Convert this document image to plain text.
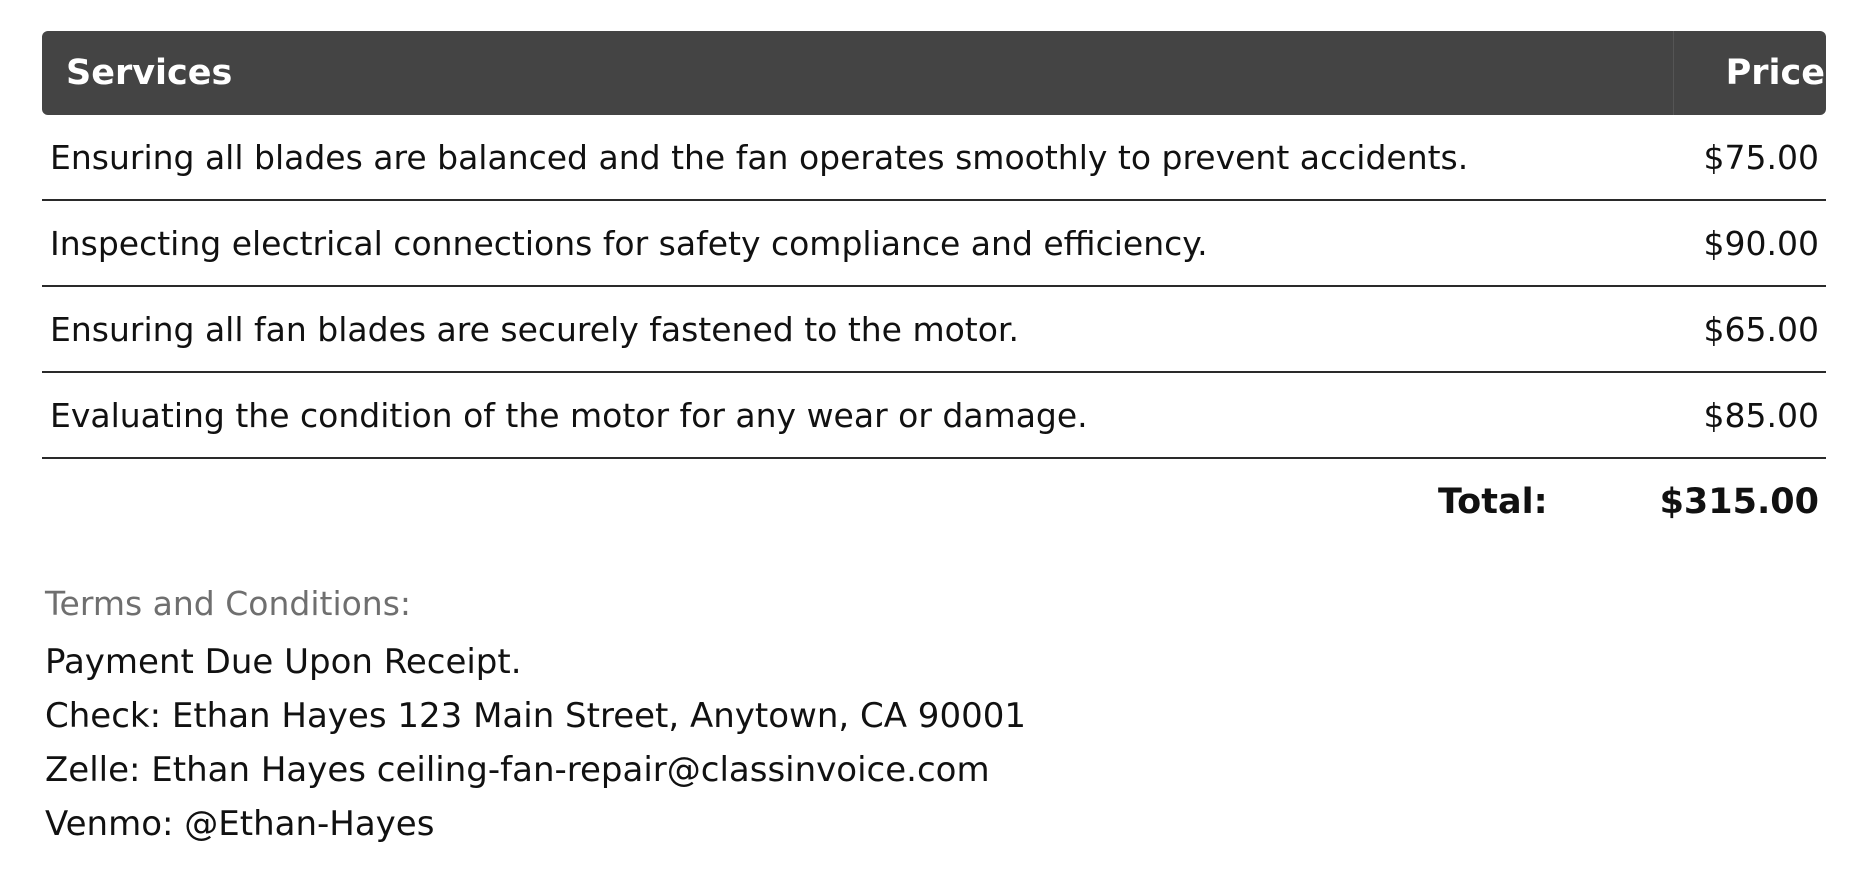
Services	Price
Ensuring all blades are balanced and the fan operates smoothly to prevent accidents.	$75.00
Inspecting electrical connections for safety compliance and efficiency.	$90.00
Ensuring all fan blades are securely fastened to the motor.	$65.00
Evaluating the condition of the motor for any wear or damage.	$85.00
Total:	$315.00
Terms and Conditions:
Payment Due Upon Receipt.
Check: Ethan Hayes 123 Main Street, Anytown, CA 90001
Zelle: Ethan Hayes ceiling-fan-repair@classinvoice.com
Venmo: @Ethan-Hayes
